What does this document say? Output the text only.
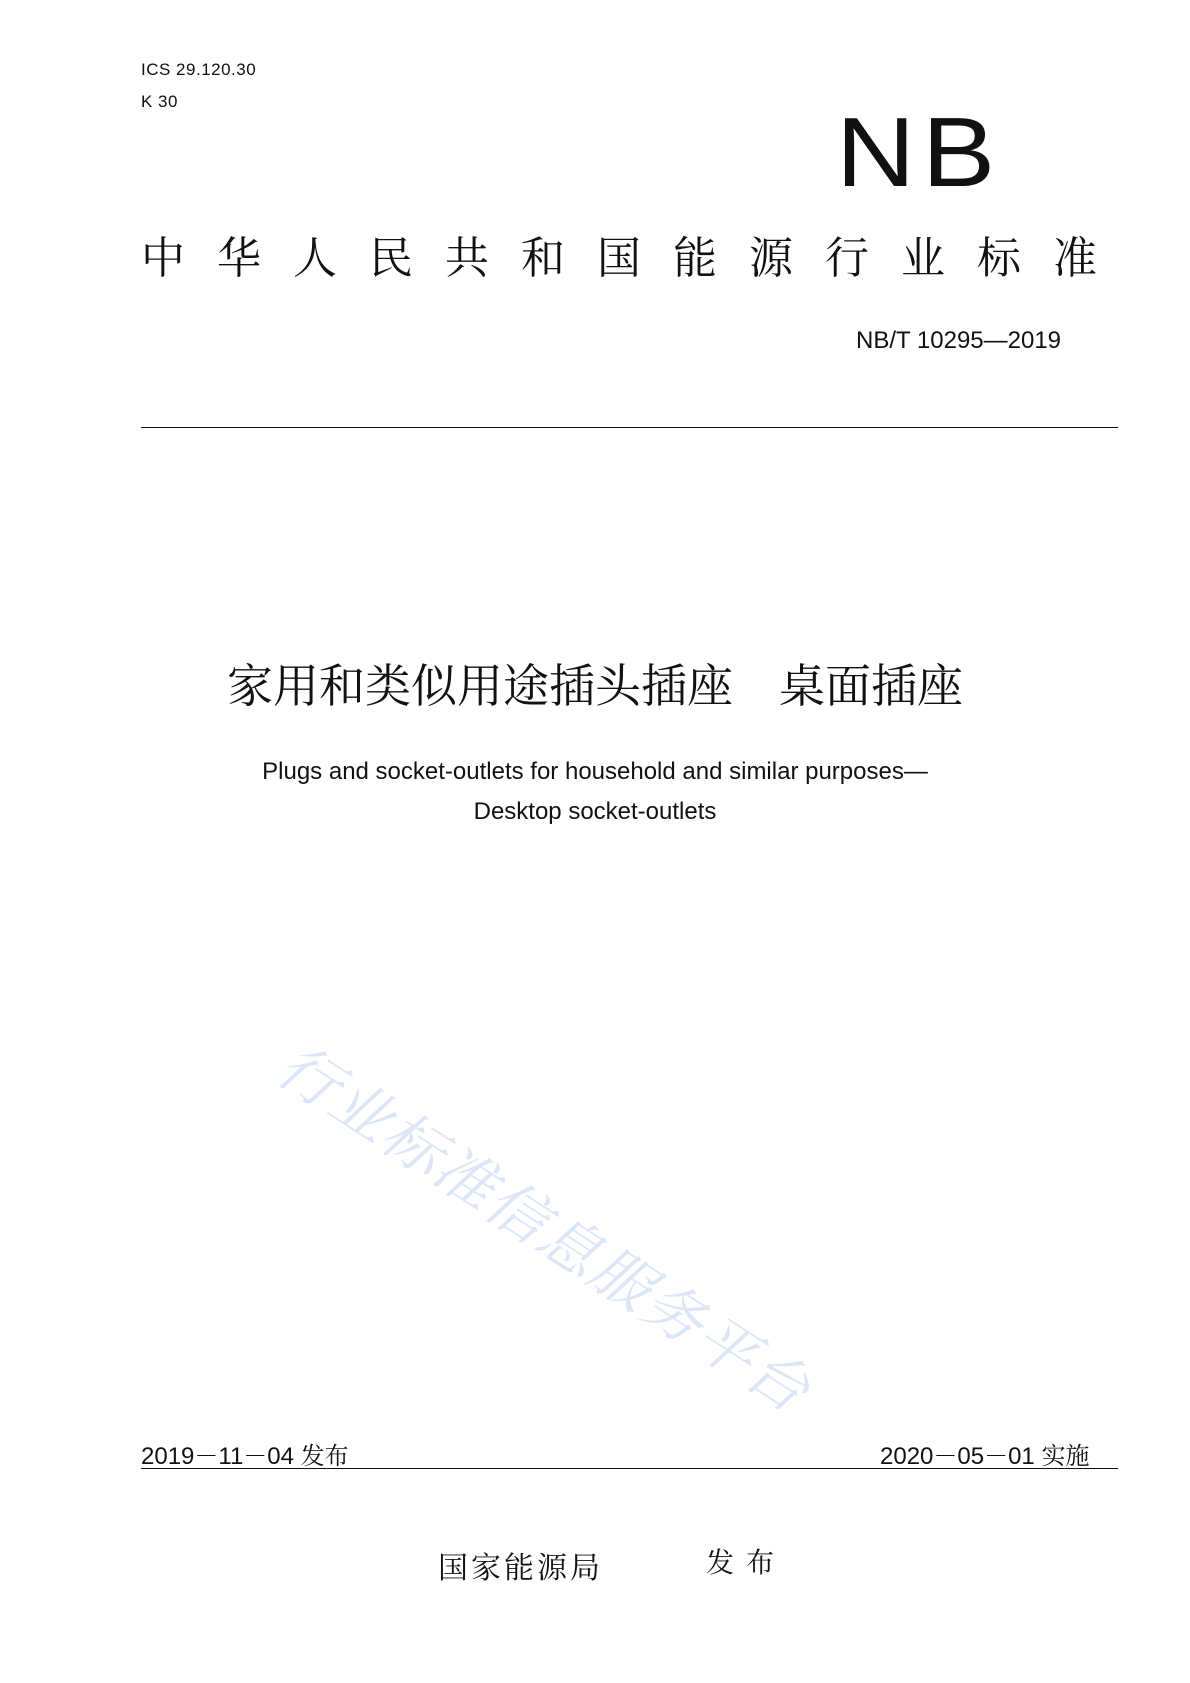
ICS 29.120.30
K 30	NB
中华人民共和国能源行业标准
NB/T 10295—2019
家用和类似用途插头插座　桌面插座
Plugs and socket-outlets for household and similar purposes—
Desktop socket-outlets
行业标准信息服务平台
2019－11－04 发布	2020－05－01 实施
国家能源局	发布
